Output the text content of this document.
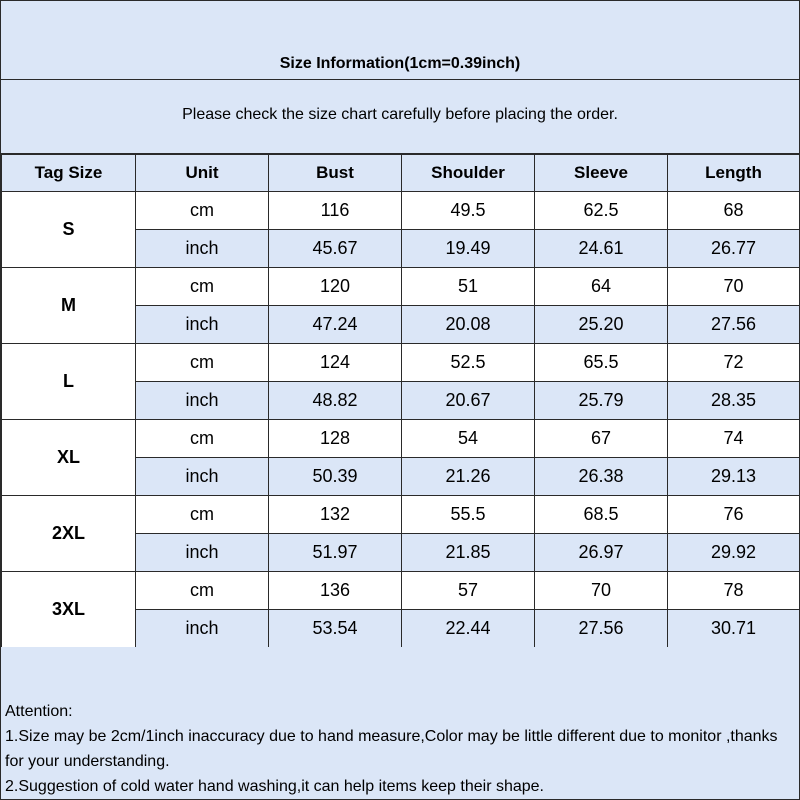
Size Information(1cm=0.39inch)
Please check the size chart carefully before placing the order.
Tag Size	Unit	Bust	Shoulder	Sleeve	Length
S	cm	116	49.5	62.5	68
	inch	45.67	19.49	24.61	26.77
M	cm	120	51	64	70
	inch	47.24	20.08	25.20	27.56
L	cm	124	52.5	65.5	72
	inch	48.82	20.67	25.79	28.35
XL	cm	128	54	67	74
	inch	50.39	21.26	26.38	29.13
2XL	cm	132	55.5	68.5	76
	inch	51.97	21.85	26.97	29.92
3XL	cm	136	57	70	78
	inch	53.54	22.44	27.56	30.71

Attention:

1.Size may be 2cm/1inch inaccuracy due to hand measure,Color may be little different due to monitor ,thanks for your understanding.

2.Suggestion of cold water hand washing,it can help items keep their shape.
